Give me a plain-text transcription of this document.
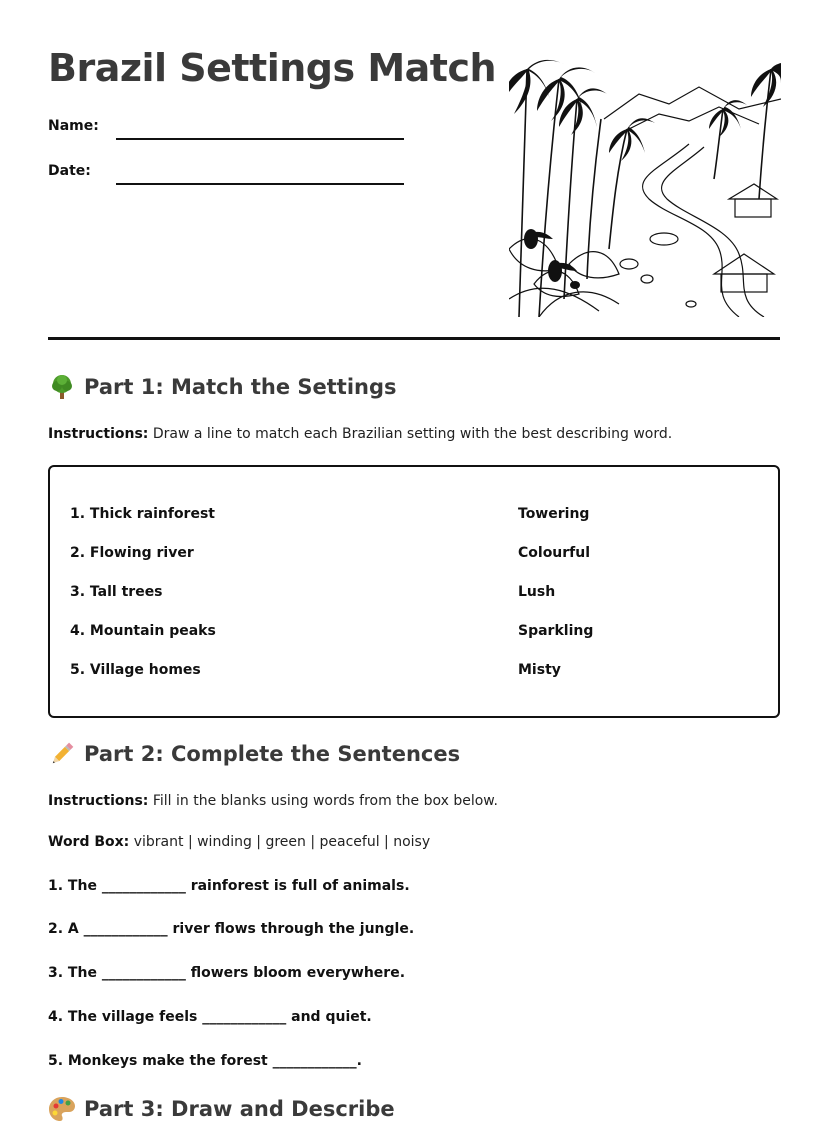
Brazil Settings Match
Name:
Date:
Part 1: Match the Settings
Instructions: Draw a line to match each Brazilian setting with the best describing word.
1. Thick rainforest
2. Flowing river
3. Tall trees
4. Mountain peaks
5. Village homes
Towering
Colourful
Lush
Sparkling
Misty
Part 2: Complete the Sentences
Instructions: Fill in the blanks using words from the box below.
Word Box: vibrant | winding | green | peaceful | noisy
1. The ____________ rainforest is full of animals.
2. A ____________ river flows through the jungle.
3. The ____________ flowers bloom everywhere.
4. The village feels ____________ and quiet.
5. Monkeys make the forest ____________.
Part 3: Draw and Describe
